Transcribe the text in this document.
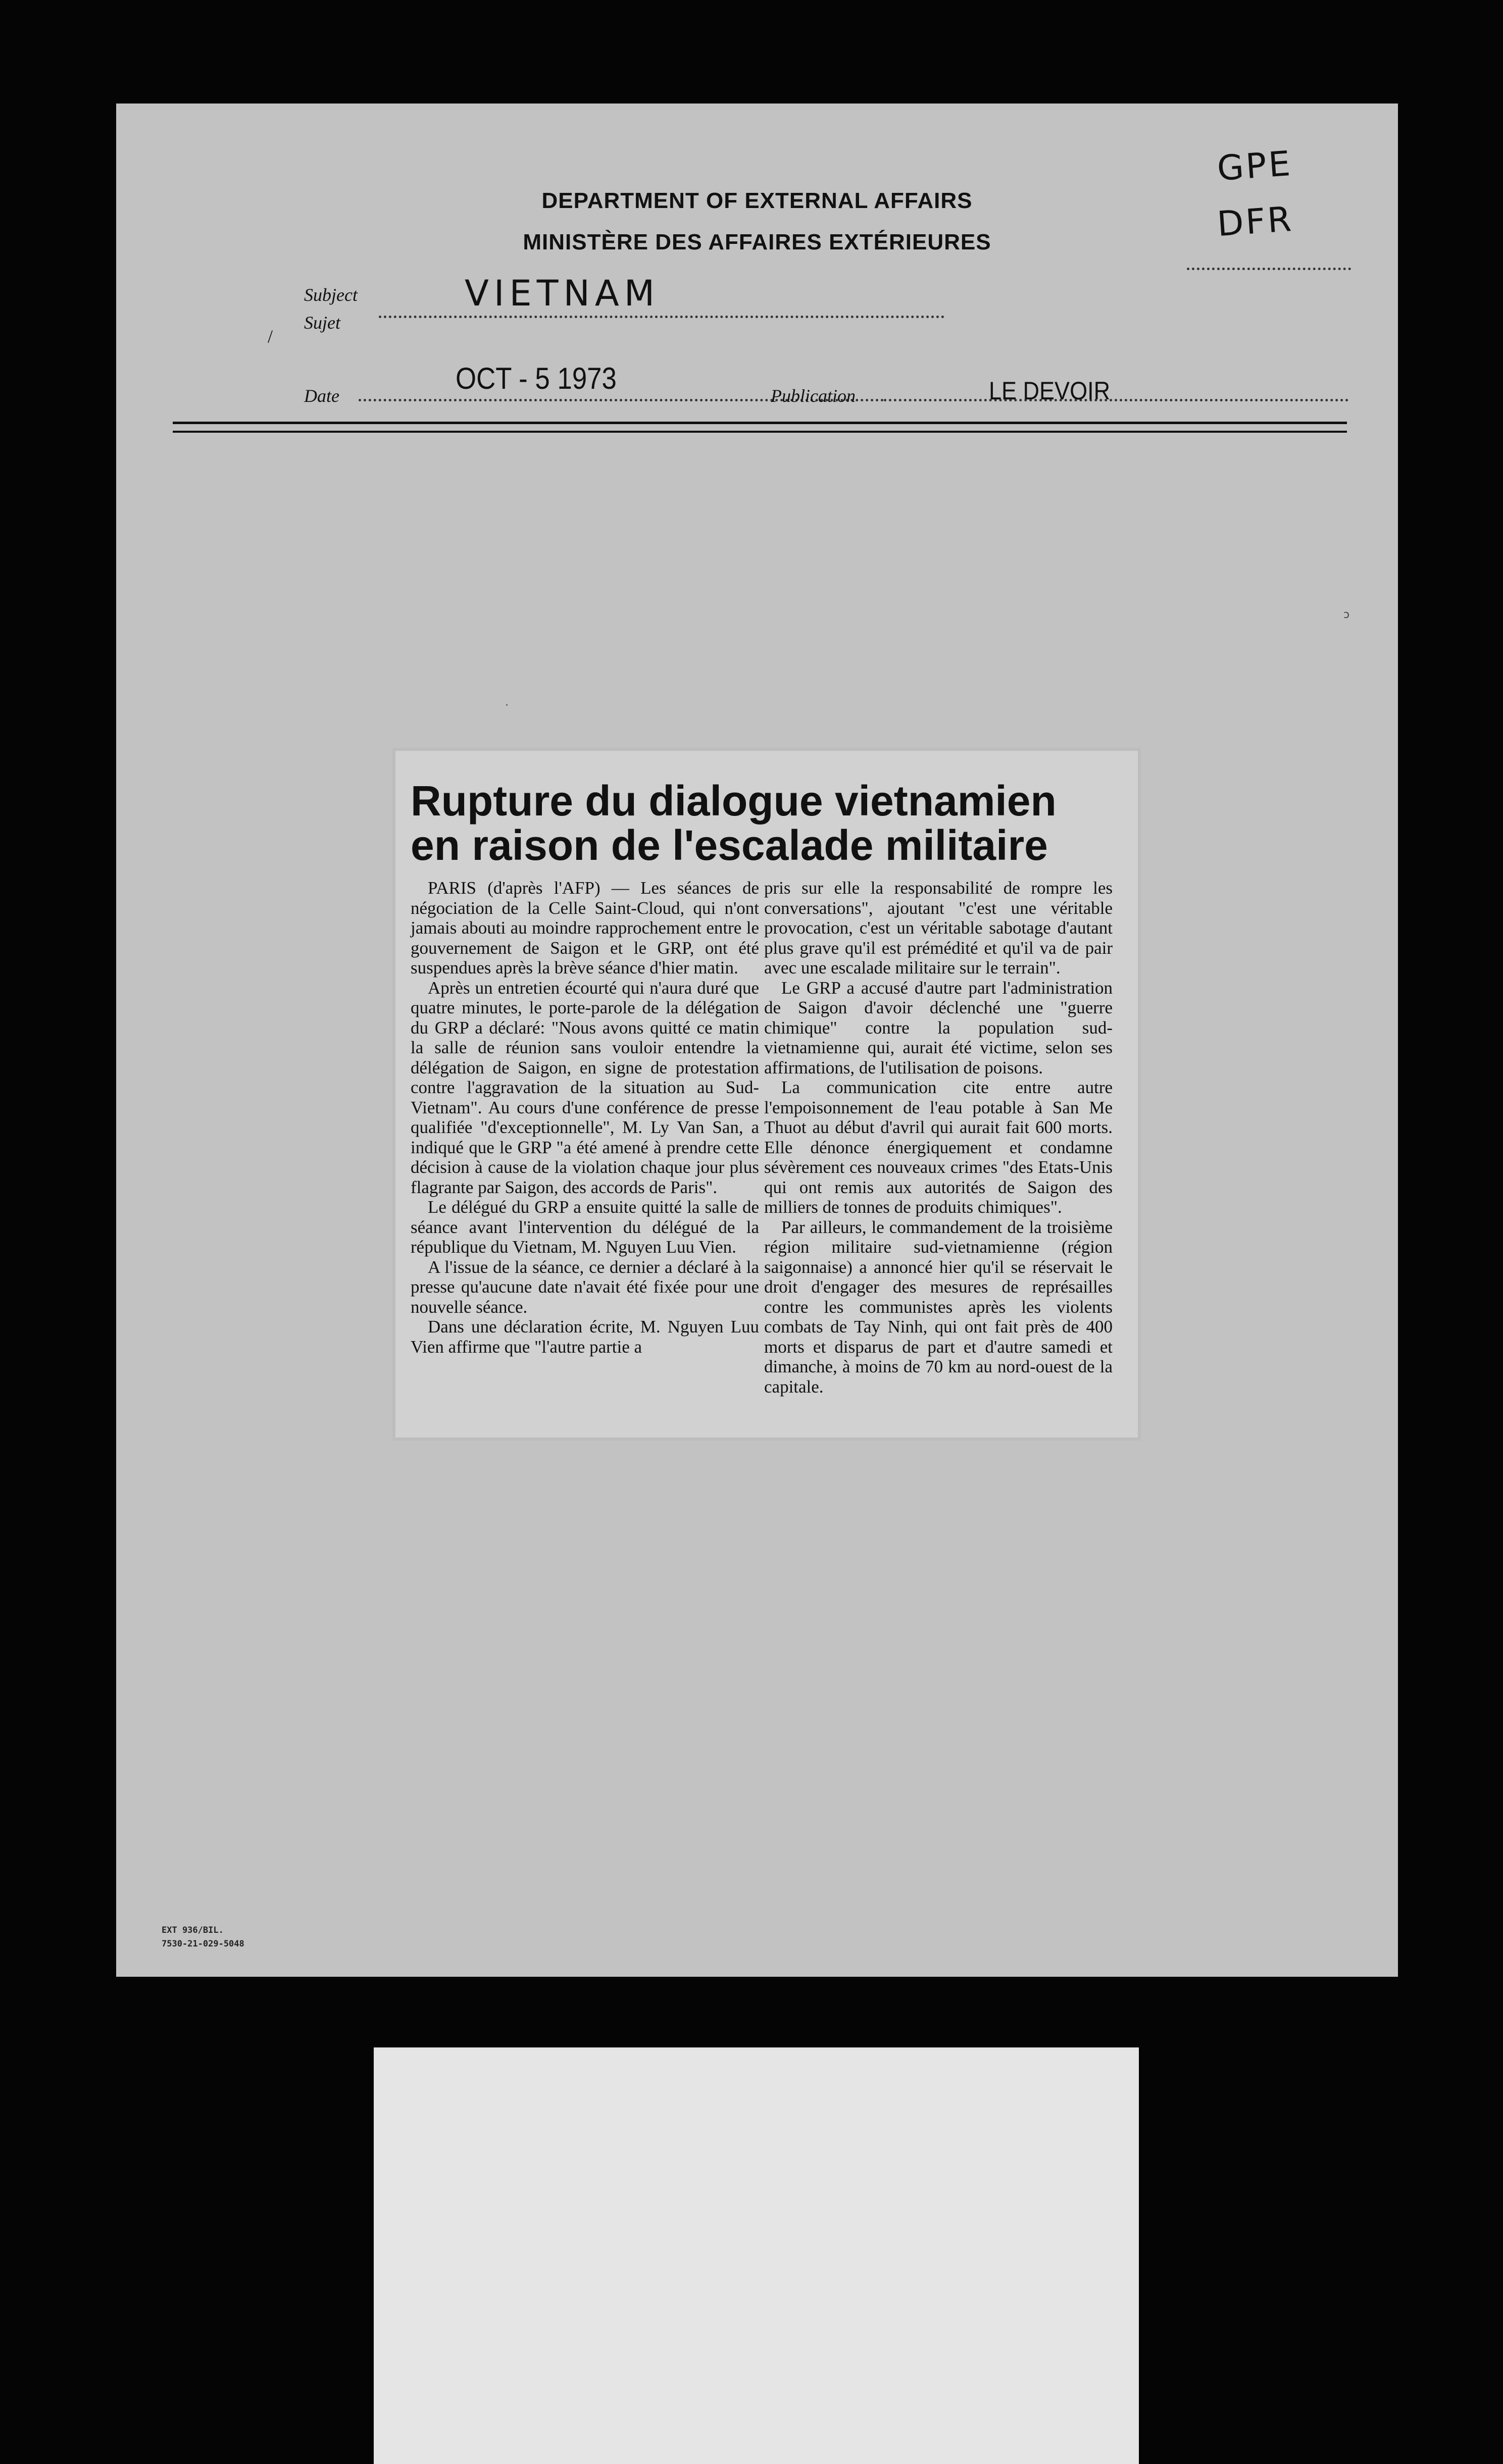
DEPARTMENT OF EXTERNAL AFFAIRS
MINISTÈRE DES AFFAIRES EXTÉRIEURES
GPE
DFR
Subject
Sujet
/
VIETNAM
Date
OCT - 5 1973
Publication	LE DEVOIR
ɔ
·
Rupture du dialogue vietnamien
en raison de l'escalade militaire

PARIS (d'après l'AFP) — Les séances de négociation de la Celle Saint-Cloud, qui n'ont jamais abouti au moindre rapprochement entre le gouvernement de Saigon et le GRP, ont été suspendues après la brève séance d'hier matin.

Après un entretien écourté qui n'aura duré que quatre minutes, le porte-parole de la délégation du GRP a déclaré: "Nous avons quitté ce matin la salle de réunion sans vouloir entendre la délégation de Saigon, en signe de protestation contre l'aggravation de la situation au Sud-Vietnam". Au cours d'une conférence de presse qualifiée "d'exceptionnelle", M. Ly Van San, a indiqué que le GRP "a été amené à prendre cette décision à cause de la violation chaque jour plus flagrante par Saigon, des accords de Paris".

Le délégué du GRP a ensuite quitté la salle de séance avant l'intervention du délégué de la république du Vietnam, M. Nguyen Luu Vien.

A l'issue de la séance, ce dernier a déclaré à la presse qu'aucune date n'avait été fixée pour une nouvelle séance.

Dans une déclaration écrite, M. Nguyen Luu Vien affirme que "l'autre partie a

pris sur elle la responsabilité de rompre les conversations", ajoutant "c'est une véritable provocation, c'est un véritable sabotage d'autant plus grave qu'il est prémédité et qu'il va de pair avec une escalade militaire sur le terrain".

Le GRP a accusé d'autre part l'administration de Saigon d'avoir déclenché une "guerre chimique" contre la population sud-vietnamienne qui, aurait été victime, selon ses affirmations, de l'utilisation de poisons.

La communication cite entre autre l'empoisonnement de l'eau potable à San Me Thuot au début d'avril qui aurait fait 600 morts. Elle dénonce énergiquement et condamne sévèrement ces nouveaux crimes "des Etats-Unis qui ont remis aux autorités de Saigon des milliers de tonnes de produits chimiques".

Par ailleurs, le commandement de la troisième région militaire sud-vietnamienne (région saigonnaise) a annoncé hier qu'il se réservait le droit d'engager des mesures de représailles contre les communistes après les violents combats de Tay Ninh, qui ont fait près de 400 morts et disparus de part et d'autre samedi et dimanche, à moins de 70 km au nord-ouest de la capitale.

EXT 936/BIL.
7530-21-029-5048
